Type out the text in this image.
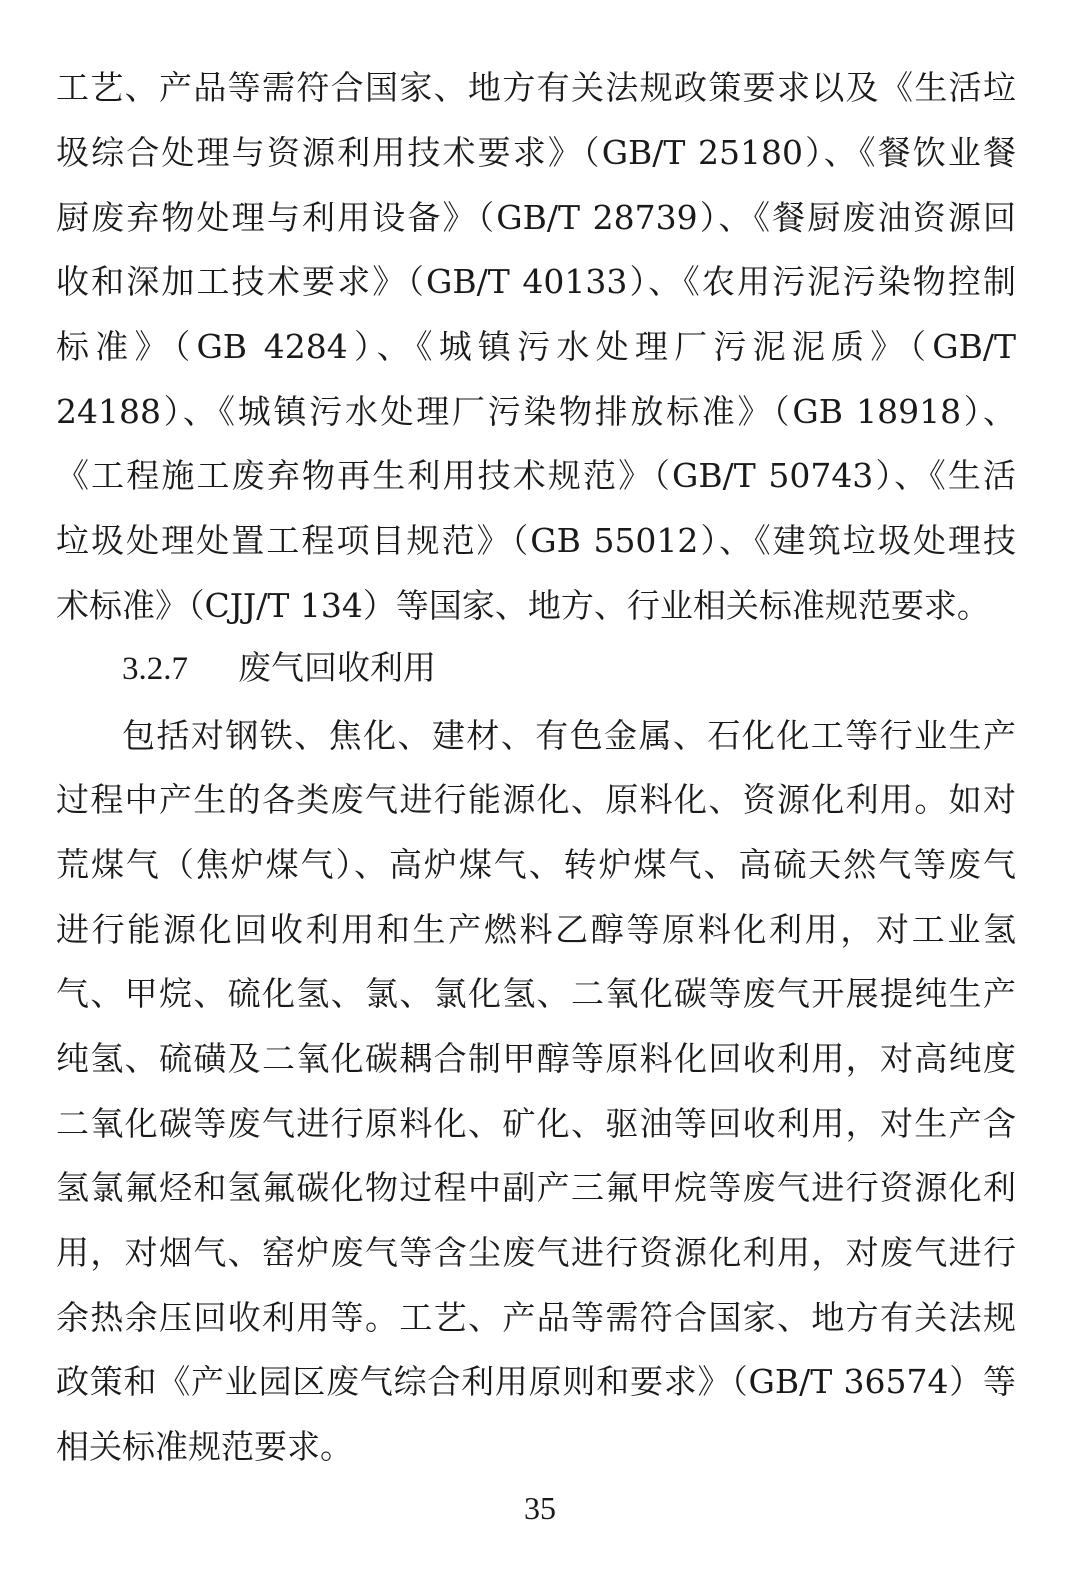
工艺、产品等需符合国家、地方有关法规政策要求以及《生活垃
圾综合处理与资源利用技术要求》（GB/T 25180）、《餐饮业餐
厨废弃物处理与利用设备》（GB/T 28739）、《餐厨废油资源回
收和深加工技术要求》（GB/T 40133）、《农用污泥污染物控制
标准》（GB 4284）、《城镇污水处理厂污泥泥质》（GB/T
24188）、《城镇污水处理厂污染物排放标准》（GB 18918）、
《工程施工废弃物再生利用技术规范》（GB/T 50743）、《生活
垃圾处理处置工程项目规范》（GB 55012）、《建筑垃圾处理技
术标准》（CJJ/T 134）等国家、地方、行业相关标准规范要求。
3.2.7 废气回收利用
包括对钢铁、焦化、建材、有色金属、石化化工等行业生产
过程中产生的各类废气进行能源化、原料化、资源化利用。如对
荒煤气（焦炉煤气）、高炉煤气、转炉煤气、高硫天然气等废气
进行能源化回收利用和生产燃料乙醇等原料化利用，对工业氢
气、甲烷、硫化氢、氯、氯化氢、二氧化碳等废气开展提纯生产
纯氢、硫磺及二氧化碳耦合制甲醇等原料化回收利用，对高纯度
二氧化碳等废气进行原料化、矿化、驱油等回收利用，对生产含
氢氯氟烃和氢氟碳化物过程中副产三氟甲烷等废气进行资源化利
用，对烟气、窑炉废气等含尘废气进行资源化利用，对废气进行
余热余压回收利用等。工艺、产品等需符合国家、地方有关法规
政策和《产业园区废气综合利用原则和要求》（GB/T 36574）等
相关标准规范要求。
35
